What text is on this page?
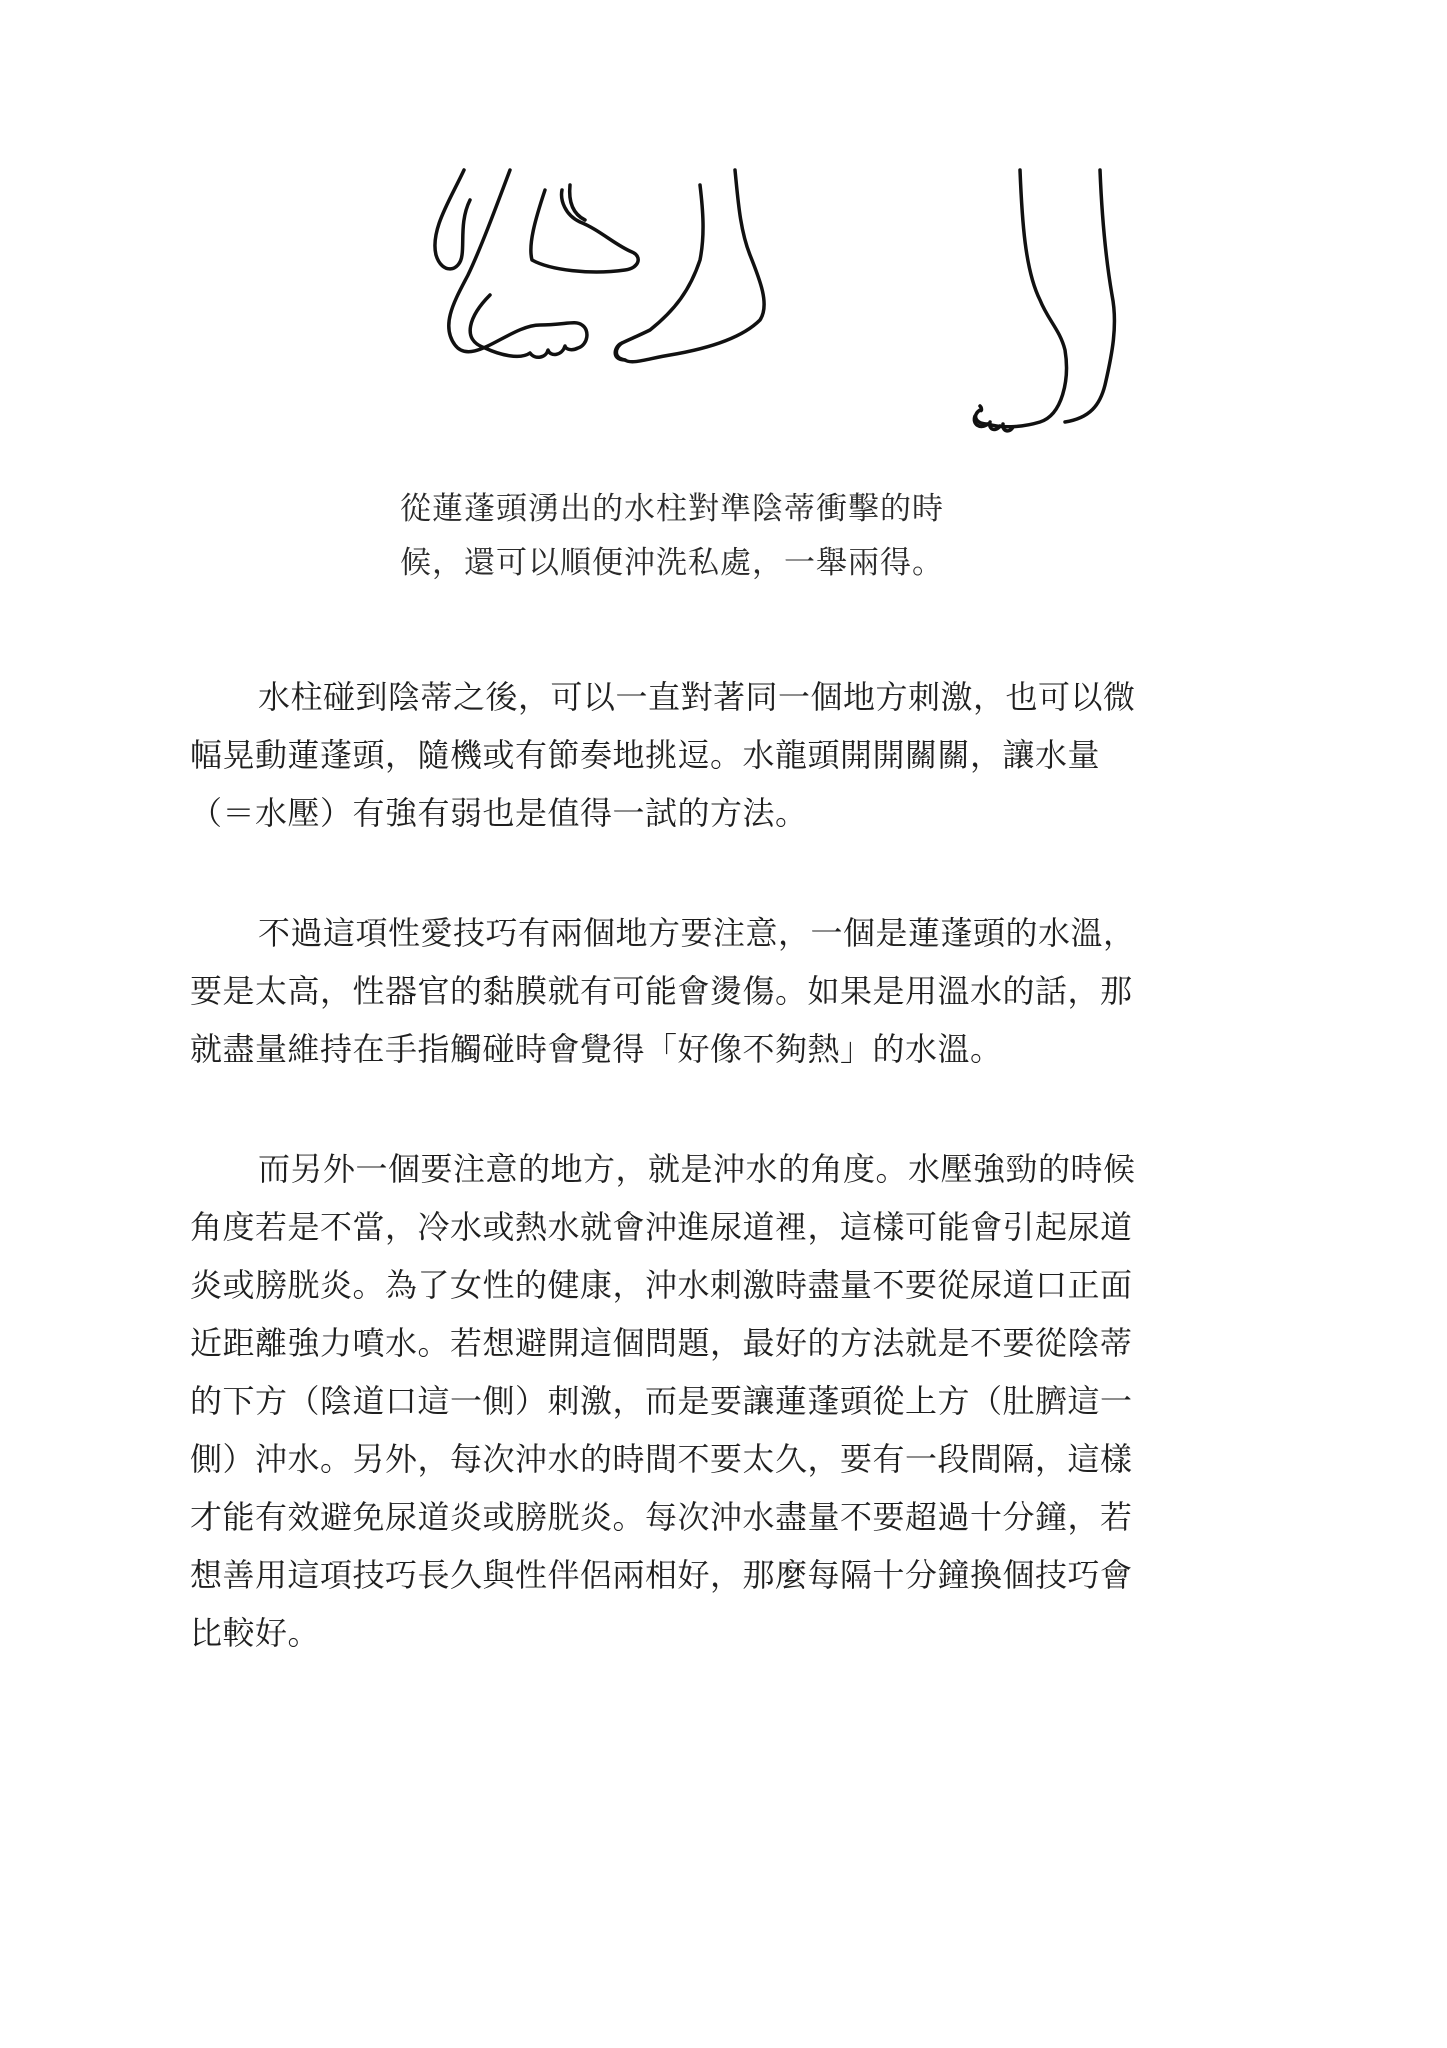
從蓮蓬頭湧出的水柱對準陰蒂衝擊的時
候，還可以順便沖洗私處，一舉兩得。
水柱碰到陰蒂之後，可以一直對著同一個地方刺激，也可以微
幅晃動蓮蓬頭，隨機或有節奏地挑逗。水龍頭開開關關，讓水量
（＝水壓）有強有弱也是值得一試的方法。
不過這項性愛技巧有兩個地方要注意，一個是蓮蓬頭的水溫，
要是太高，性器官的黏膜就有可能會燙傷。如果是用溫水的話，那
就盡量維持在手指觸碰時會覺得「好像不夠熱」的水溫。
而另外一個要注意的地方，就是沖水的角度。水壓強勁的時候
角度若是不當，冷水或熱水就會沖進尿道裡，這樣可能會引起尿道
炎或膀胱炎。為了女性的健康，沖水刺激時盡量不要從尿道口正面
近距離強力噴水。若想避開這個問題，最好的方法就是不要從陰蒂
的下方（陰道口這一側）刺激，而是要讓蓮蓬頭從上方（肚臍這一
側）沖水。另外，每次沖水的時間不要太久，要有一段間隔，這樣
才能有效避免尿道炎或膀胱炎。每次沖水盡量不要超過十分鐘，若
想善用這項技巧長久與性伴侶兩相好，那麼每隔十分鐘換個技巧會
比較好。
